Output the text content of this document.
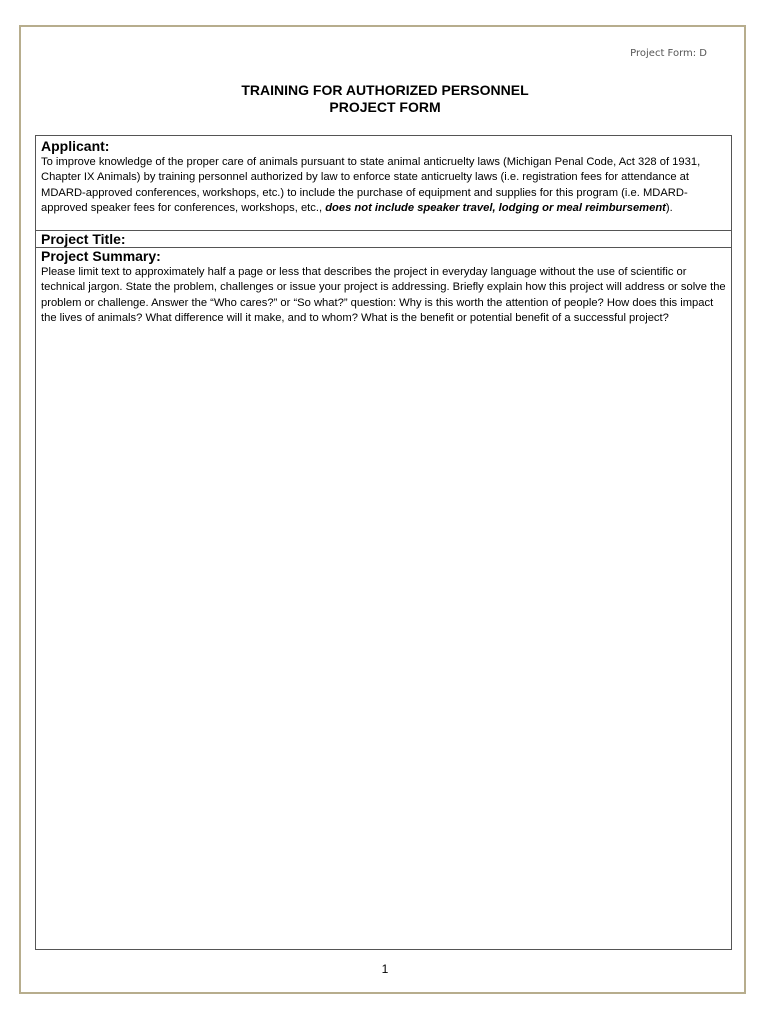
Project Form: D
TRAINING FOR AUTHORIZED PERSONNEL
PROJECT FORM
Applicant:
To improve knowledge of the proper care of animals pursuant to state animal anticruelty laws (Michigan Penal Code, Act 328 of 1931, Chapter IX Animals) by training personnel authorized by law to enforce state anticruelty laws (i.e. registration fees for attendance at MDARD-approved conferences, workshops, etc.) to include the purchase of equipment and supplies for this program (i.e. MDARD-approved speaker fees for conferences, workshops, etc., does not include speaker travel, lodging or meal reimbursement).
Project Title:
Project Summary:
Please limit text to approximately half a page or less that describes the project in everyday language without the use of scientific or technical jargon. State the problem, challenges or issue your project is addressing. Briefly explain how this project will address or solve the problem or challenge. Answer the “Who cares?” or “So what?” question: Why is this worth the attention of people? How does this impact the lives of animals? What difference will it make, and to whom? What is the benefit or potential benefit of a successful project?
1
